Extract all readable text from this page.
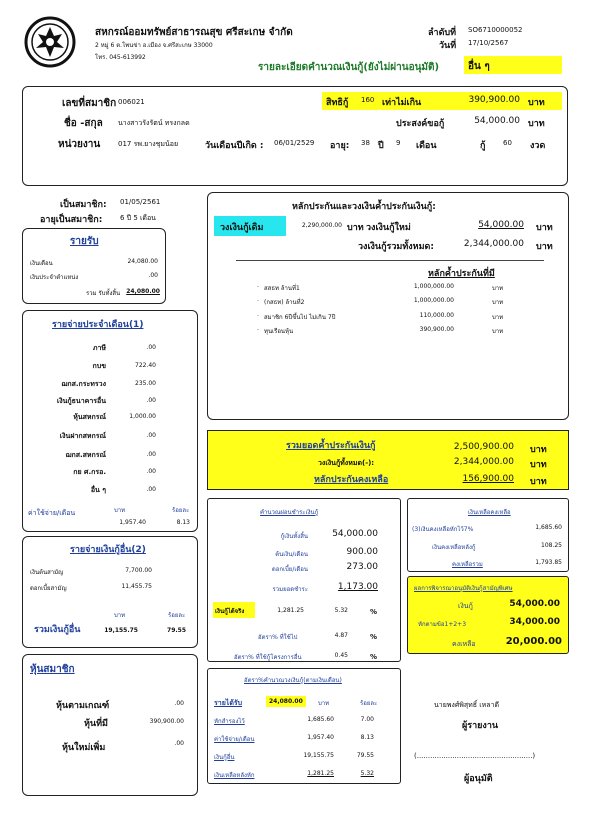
สหกรณ์ออมทรัพย์สาธารณสุข ศรีสะเกษ จำกัด
2 หมู่ 6 ต.โพนข่า อ.เมือง จ.ศรีสะเกษ 33000
โทร. 045-613992
ลำดับที่ SO6710000052
วันที่ 17/10/2567
รายละเอียดคำนวณเงินกู้(ยังไม่ผ่านอนุมัติ)	อื่น ๆ
เลขที่สมาชิก 006021
ชื่อ -สกุล นางสาวรังรัตน์ ทรงกลด
หน่วยงาน	017 รพ.ยางชุมน้อย	วันเดือนปีเกิด : 06/01/2529 อายุ: 38 ปี 9 เดือน
สิทธิกู้ 160 เท่าไม่เกิน	390,900.00 บาท
ประสงค์ขอกู้	54,000.00 บาท
กู้	60 งวด
เป็นสมาชิก: 01/05/2561
อายุเป็นสมาชิก:	6 ปี 5 เดือน
รายรับ
เงินเดือน	24,080.00
เงินประจำตำแหน่ง	.00
รวม รับทั้งสิ้น	24,080.00
รายจ่ายประจำเดือน(1)
ภาษี	.00
กบข	722.40
ฌกส.กระทรวง	235.00
เงินกู้ธนาคารอื่น	.00
หุ้นสหกรณ์	1,000.00
เงินฝากสหกรณ์	.00
ฌกส.สหกรณ์	.00
กย ศ.กรอ.	.00
อื่น ๆ	.00
ค่าใช้จ่าย/เดือน	บาท	ร้อยละ
1,957.40	8.13
รายจ่ายเงินกู้อื่น(2)
เงินต้นสามัญ	7,700.00
ดอกเบี้ยสามัญ	11,455.75
บาท	ร้อยละ
รวมเงินกู้อื่น	19,155.75	79.55
หุ้นสมาชิก
หุ้นตามเกณฑ์	.00
หุ้นที่มี	390,900.00
หุ้นใหม่เพิ่ม	.00
หลักประกันและวงเงินค้ำประกันเงินกู้:
วงเงินกู้เดิม	2,290,000.00 บาท วงเงินกู้ใหม่	54,000.00 บาท
วงเงินกู้รวมทั้งหมด:	2,344,000.00 บาท
หลักค้ำประกันที่มี
· สสธท ล้านที่1	1,000,000.00	บาท
· (กสธท) ล้านที่2	1,000,000.00	บาท
· สมาชิก 6ปีขึ้นไป ไม่เกิน 7ปี	110,000.00	บาท
· ทุนเรือนหุ้น	390,900.00	บาท
รวมยอดค้ำประกันเงินกู้	2,500,900.00 บาท
วงเงินกู้ทั้งหมด(-):	2,344,000.00 บาท
หลักประกันคงเหลือ	156,900.00 บาท
คำนวณผ่อนชำระเงินกู้
กู้เงินทั้งสิ้น	54,000.00
ต้นเงิน/เดือน	900.00
ดอกเบี้ย/เดือน	273.00
รวมยอดชำระ	1,173.00
เงินกู้ได้จริง	1,281.25	5.32	%
อัตรา% ที่ใช้ไป	4.87	%
อัตรา% ที่ใช้กู้โครงการอื่น	0.45	%
อัตรา%คำนวณวงเงินกู้(ตามเงินเดือน)
รายได้รับ	24,080.00	บาท	ร้อยละ
หักสำรองไว้	1,685.60	7.00
ค่าใช้จ่าย/เดือน	1,957.40	8.13
เงินกู้อื่น	19,155.75	79.55
เงินเหลือหลังหัก	1,281.25	5.32
เงินเหลือคงเหลือ
(3)เงินคงเหลือหักไว้7%	1,685.60
เงินคงเหลือหลังกู้	108.25
คงเหลือรวม	1,793.85
ผลการพิจารณาอนุมัติเงินกู้สามัญพิเศษ
เงินกู้	54,000.00
หักตามข้อ1+2+3	34,000.00
คงเหลือ	20,000.00
นายพงศ์พิสุทธิ์ เหลาดี
ผู้รายงาน
(....................................................)
ผู้อนุมัติ
